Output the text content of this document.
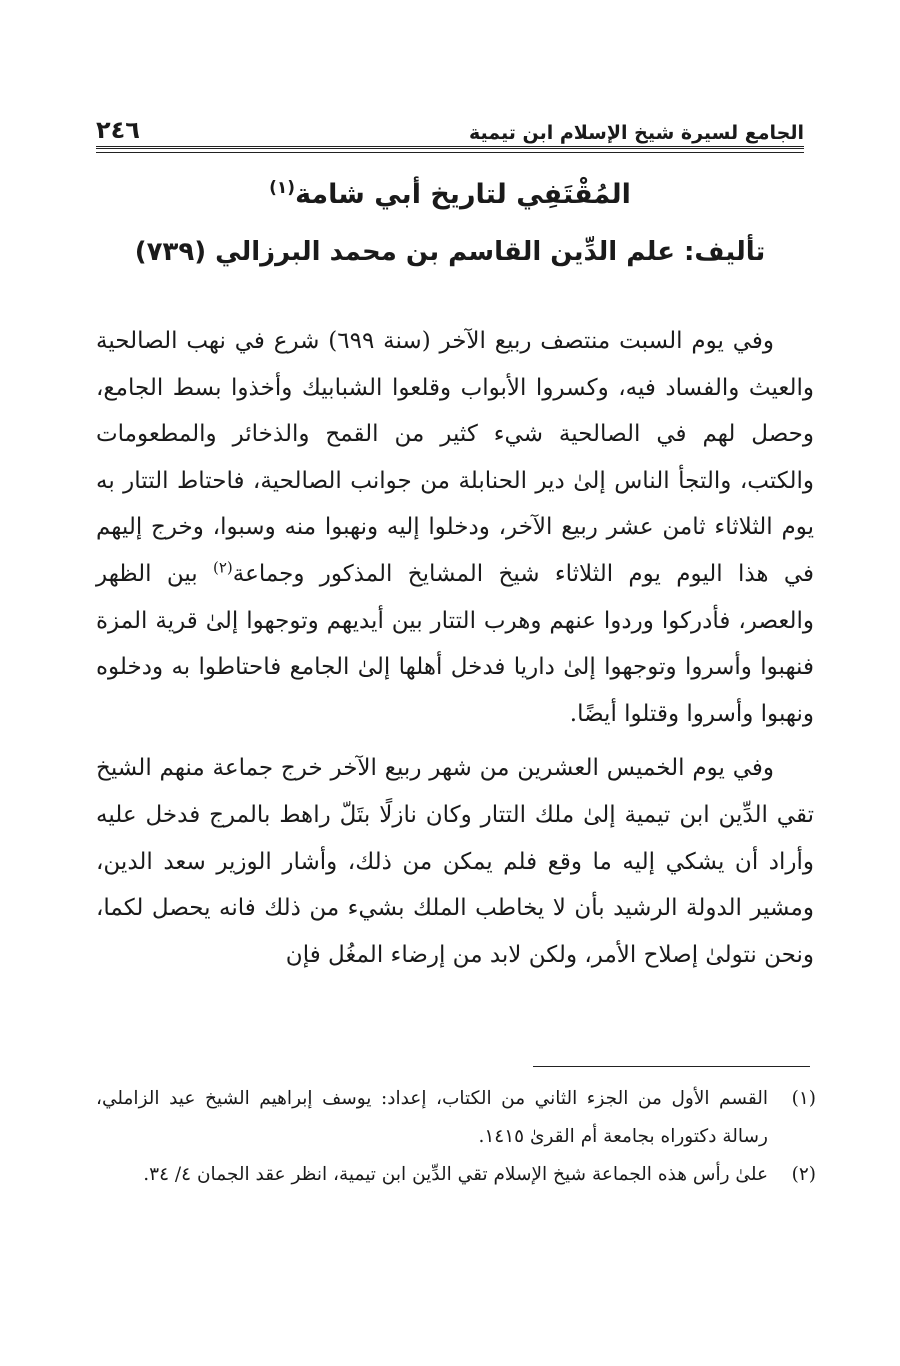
الجامع لسيرة شيخ الإسلام ابن تيمية
٢٤٦
المُقْتَفِي لتاريخ أبي شامة$^{(١)}$
تأليف: علم الدِّين القاسم بن محمد البرزالي (٧٣٩)

وفي يوم السبت منتصف ربيع الآخر (سنة ٦٩٩) شرع في نهب الصالحية والعيث والفساد فيه، وكسروا الأبواب وقلعوا الشبابيك وأخذوا بسط الجامع، وحصل لهم في الصالحية شيء كثير من القمح والذخائر والمطعومات والكتب، والتجأ الناس إلىٰ دير الحنابلة من جوانب الصالحية، فاحتاط التتار به يوم الثلاثاء ثامن عشر ربيع الآخر، ودخلوا إليه ونهبوا منه وسبوا، وخرج إليهم في هذا اليوم يوم الثلاثاء شيخ المشايخ المذكور وجماعة$^{(٢)}$ بين الظهر والعصر، فأدركوا وردوا عنهم وهرب التتار بين أيديهم وتوجهوا إلىٰ قرية المزة فنهبوا وأسروا وتوجهوا إلىٰ داريا فدخل أهلها إلىٰ الجامع فاحتاطوا به ودخلوه ونهبوا وأسروا وقتلوا أيضًا.

وفي يوم الخميس العشرين من شهر ربيع الآخر خرج جماعة منهم الشيخ تقي الدِّين ابن تيمية إلىٰ ملك التتار وكان نازلًا بتَلّ راهط بالمرج فدخل عليه وأراد أن يشكي إليه ما وقع فلم يمكن من ذلك، وأشار الوزير سعد الدين، ومشير الدولة الرشيد بأن لا يخاطب الملك بشيء من ذلك فانه يحصل لكما، ونحن نتولىٰ إصلاح الأمر، ولكن لابد من إرضاء المغُل فإن

(١)
القسم الأول من الجزء الثاني من الكتاب، إعداد: يوسف إبراهيم الشيخ عيد الزاملي، رسالة دكتوراه بجامعة أم القرىٰ ١٤١٥.

(٢)
علىٰ رأس هذه الجماعة شيخ الإسلام تقي الدِّين ابن تيمية، انظر عقد الجمان ٤/ ٣٤.
